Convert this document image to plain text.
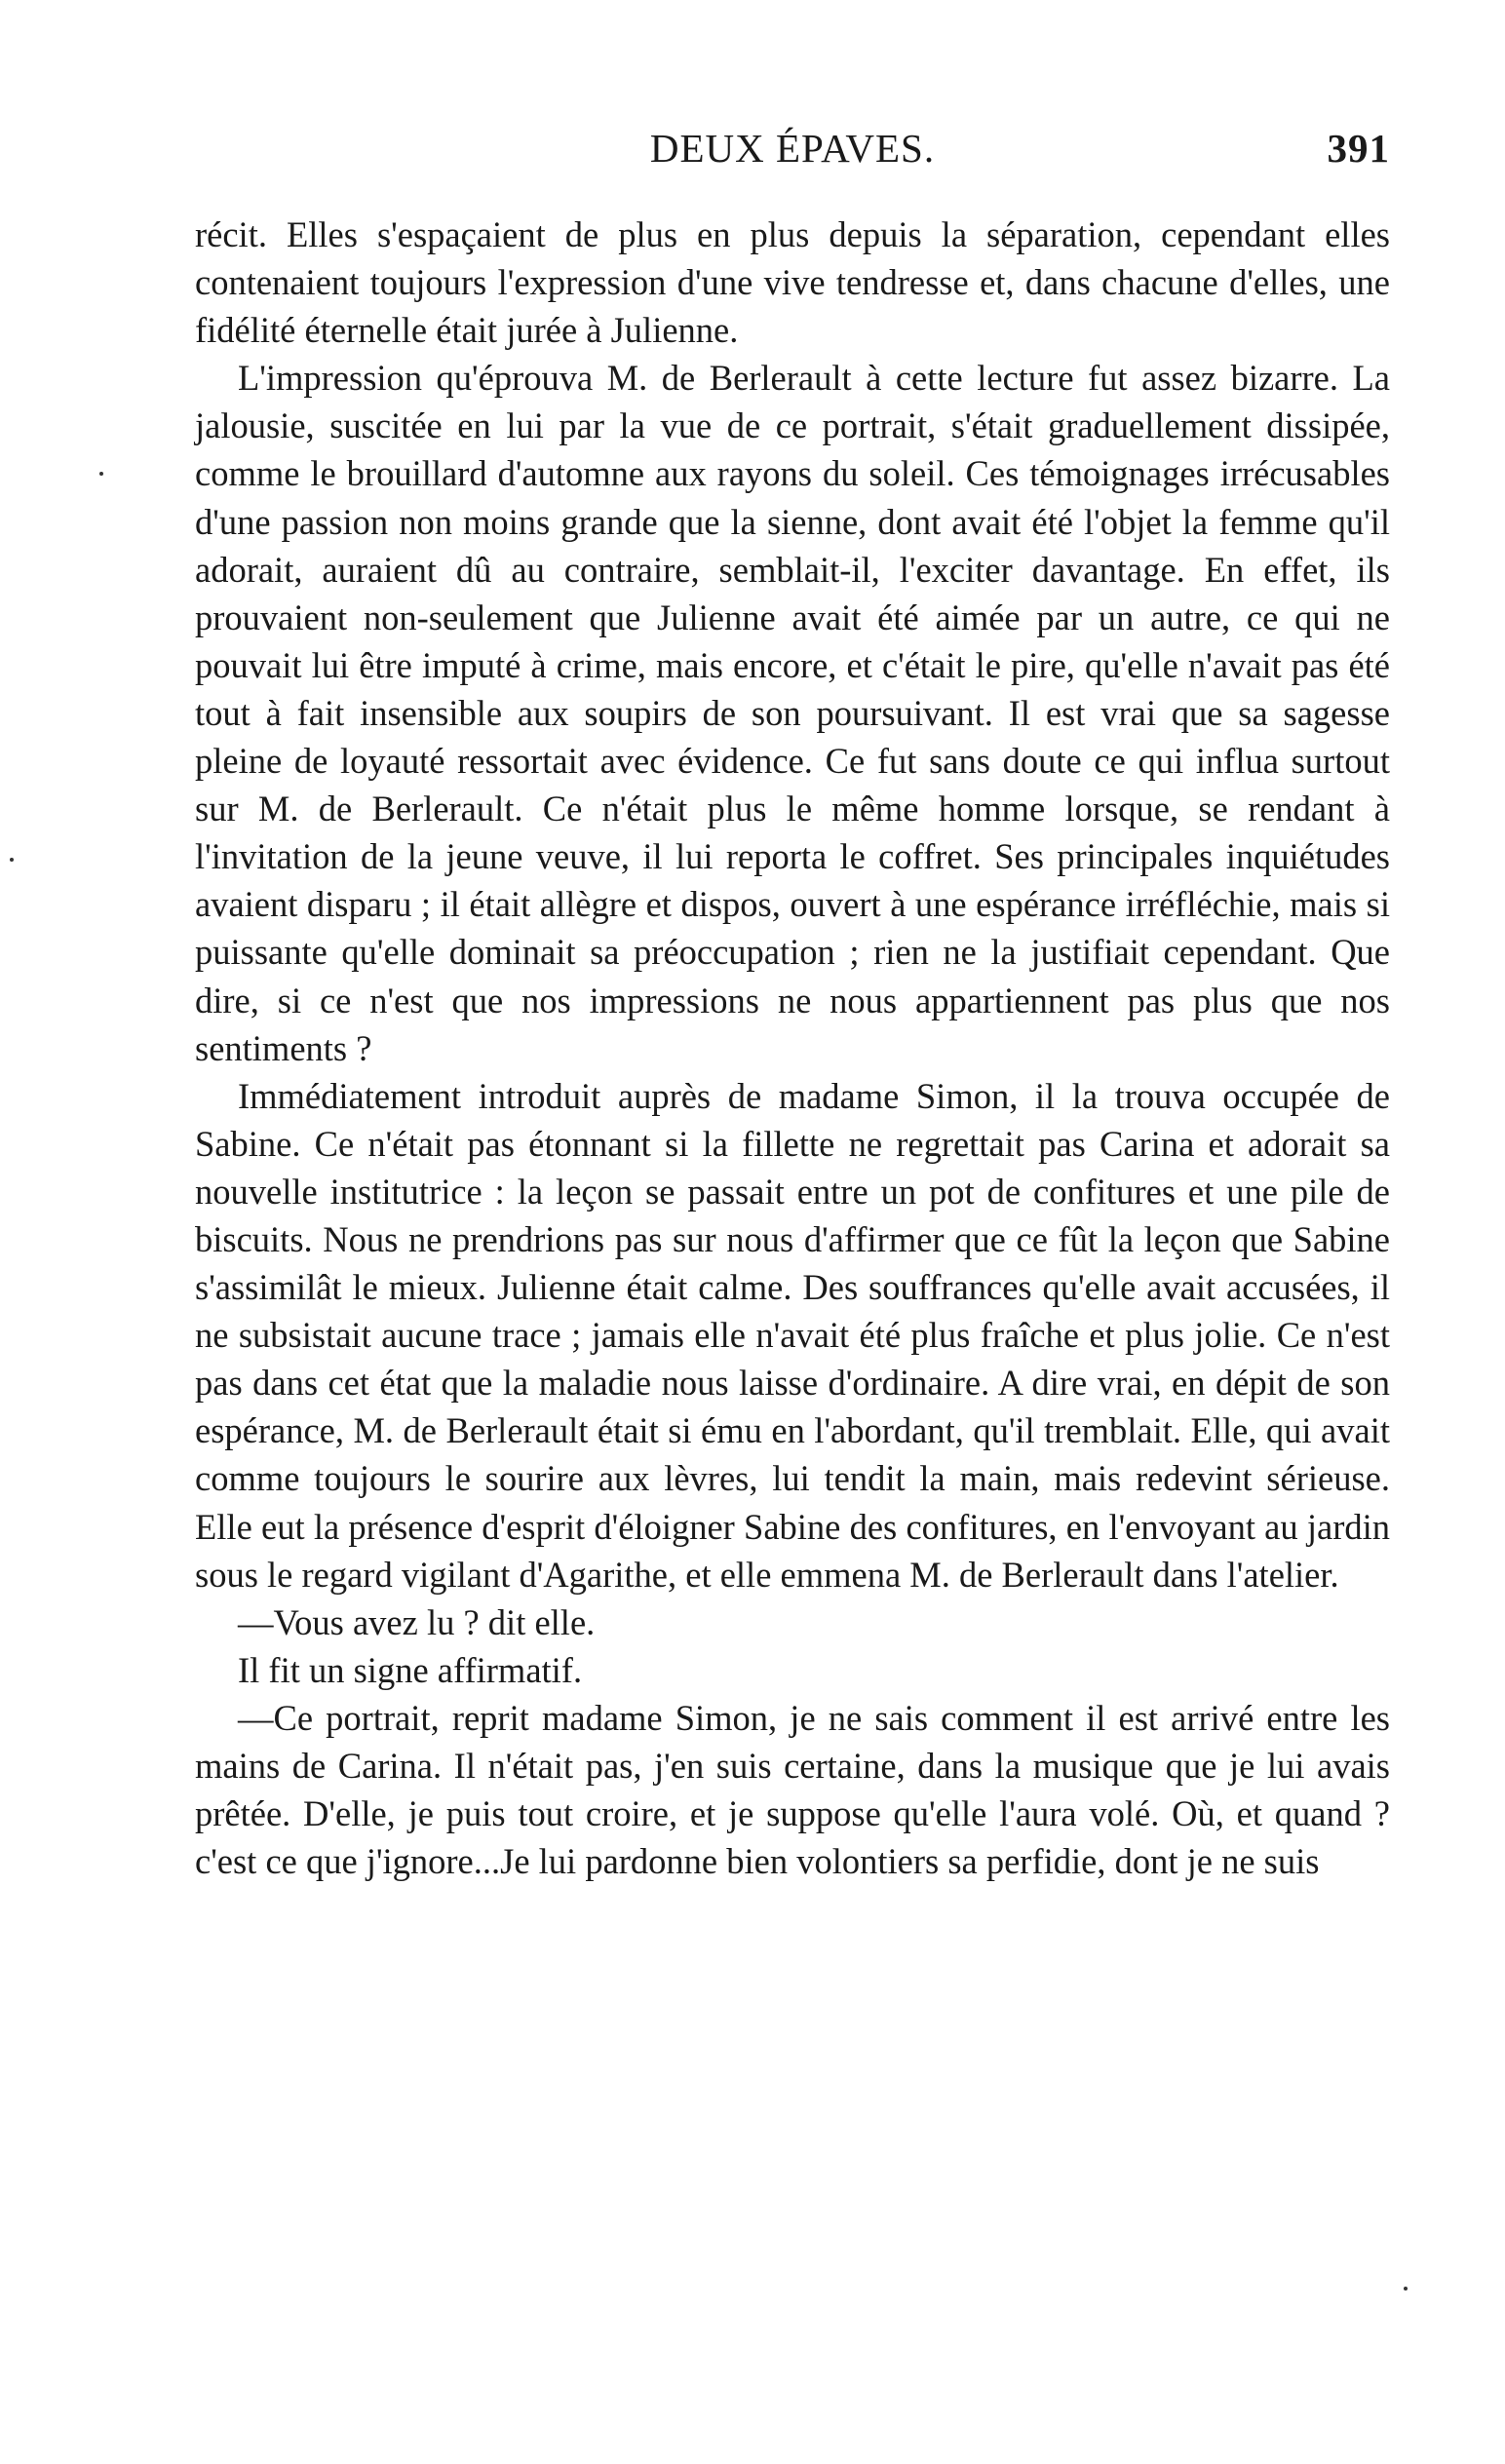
DEUX ÉPAVES.	391

récit. Elles s'espaçaient de plus en plus depuis la séparation, cependant elles contenaient toujours l'expression d'une vive tendresse et, dans chacune d'elles, une fidélité éternelle était jurée à Julienne.

L'impression qu'éprouva M. de Berlerault à cette lecture fut assez bizarre. La jalousie, suscitée en lui par la vue de ce portrait, s'était graduellement dissipée, comme le brouillard d'automne aux rayons du soleil. Ces témoignages irrécusables d'une passion non moins grande que la sienne, dont avait été l'objet la femme qu'il adorait, auraient dû au contraire, semblait-il, l'exciter davantage. En effet, ils prouvaient non-seulement que Julienne avait été aimée par un autre, ce qui ne pouvait lui être imputé à crime, mais encore, et c'était le pire, qu'elle n'avait pas été tout à fait insensible aux soupirs de son poursuivant. Il est vrai que sa sagesse pleine de loyauté ressortait avec évidence. Ce fut sans doute ce qui influa surtout sur M. de Berlerault. Ce n'était plus le même homme lorsque, se rendant à l'invitation de la jeune veuve, il lui reporta le coffret. Ses principales inquiétudes avaient disparu ; il était allègre et dispos, ouvert à une espérance irréfléchie, mais si puissante qu'elle dominait sa préoccupation ; rien ne la justifiait cependant. Que dire, si ce n'est que nos impressions ne nous appartiennent pas plus que nos sentiments ?

Immédiatement introduit auprès de madame Simon, il la trouva occupée de Sabine. Ce n'était pas étonnant si la fillette ne regrettait pas Carina et adorait sa nouvelle institutrice : la leçon se passait entre un pot de confitures et une pile de biscuits. Nous ne prendrions pas sur nous d'affirmer que ce fût la leçon que Sabine s'assimilât le mieux. Julienne était calme. Des souffrances qu'elle avait accusées, il ne subsistait aucune trace ; jamais elle n'avait été plus fraîche et plus jolie. Ce n'est pas dans cet état que la maladie nous laisse d'ordinaire. A dire vrai, en dépit de son espérance, M. de Berlerault était si ému en l'abordant, qu'il tremblait. Elle, qui avait comme toujours le sourire aux lèvres, lui tendit la main, mais redevint sérieuse. Elle eut la présence d'esprit d'éloigner Sabine des confitures, en l'envoyant au jardin sous le regard vigilant d'Agarithe, et elle emmena M. de Berlerault dans l'atelier.

—Vous avez lu ? dit elle.

Il fit un signe affirmatif.

—Ce portrait, reprit madame Simon, je ne sais comment il est arrivé entre les mains de Carina. Il n'était pas, j'en suis certaine, dans la musique que je lui avais prêtée. D'elle, je puis tout croire, et je suppose qu'elle l'aura volé. Où, et quand ? c'est ce que j'ignore...Je lui pardonne bien volontiers sa perfidie, dont je ne suis
